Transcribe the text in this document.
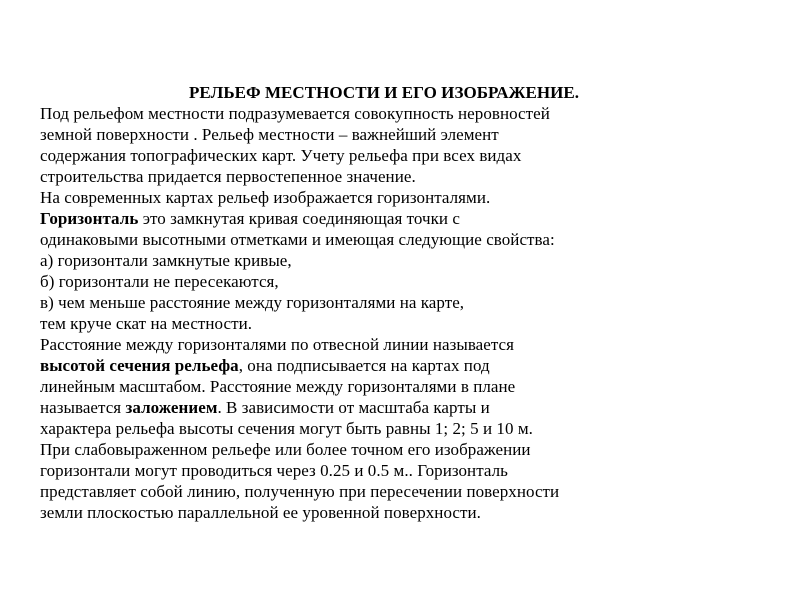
РЕЛЬЕФ МЕСТНОСТИ И ЕГО ИЗОБРАЖЕНИЕ.
Под рельефом местности подразумевается совокупность неровностей
земной поверхности . Рельеф местности – важнейший элемент
содержания топографических карт. Учету рельефа при всех видах
строительства придается первостепенное значение.
На современных картах рельеф изображается горизонталями.
Горизонталь это замкнутая кривая соединяющая точки с
одинаковыми высотными отметками и имеющая следующие свойства:
а) горизонтали замкнутые кривые,
б) горизонтали не пересекаются,
в) чем меньше расстояние между горизонталями на карте,
тем круче скат на местности.
Расстояние между горизонталями по отвесной линии называется
высотой сечения рельефа, она подписывается на картах под
линейным масштабом. Расстояние между горизонталями в плане
называется заложением. В зависимости от масштаба карты и
характера рельефа высоты сечения могут быть равны 1; 2; 5 и 10 м.
При слабовыраженном рельефе или более точном его изображении
горизонтали могут проводиться через 0.25 и 0.5 м.. Горизонталь
представляет собой линию, полученную при пересечении поверхности
земли плоскостью параллельной ее уровенной поверхности.
